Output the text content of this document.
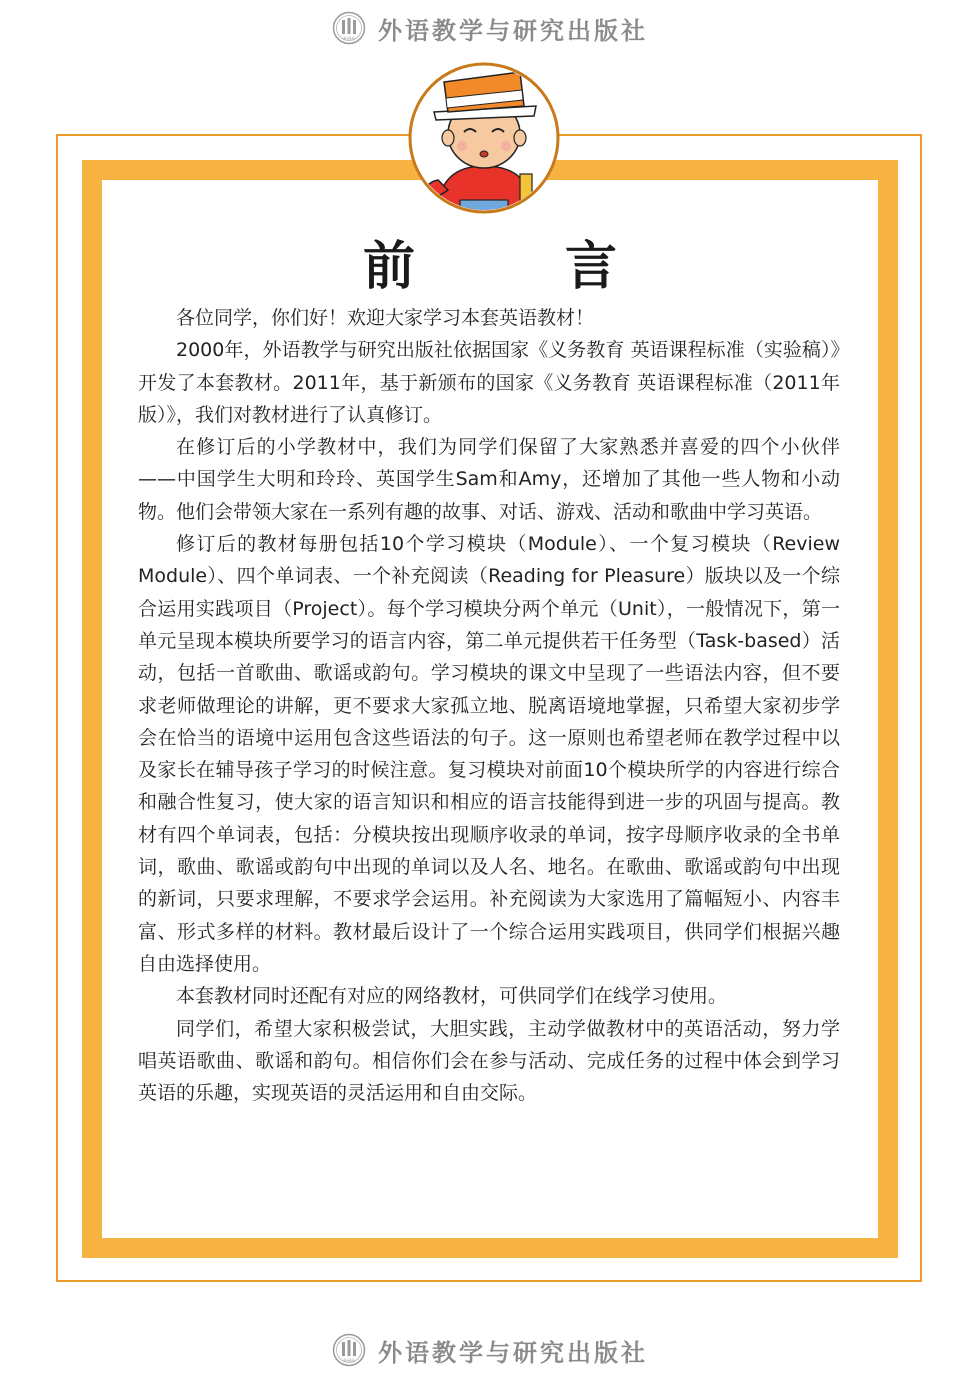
外研社 外语教学与研究出版社
前	言

各位同学，你们好！欢迎大家学习本套英语教材！

2000年，外语教学与研究出版社依据国家《义务教育 英语课程标准（实验稿）》开发了本套教材。2011年，基于新颁布的国家《义务教育 英语课程标准（2011年版）》，我们对教材进行了认真修订。

在修订后的小学教材中，我们为同学们保留了大家熟悉并喜爱的四个小伙伴——中国学生大明和玲玲、英国学生Sam和Amy，还增加了其他一些人物和小动物。他们会带领大家在一系列有趣的故事、对话、游戏、活动和歌曲中学习英语。

修订后的教材每册包括10个学习模块（Module）、一个复习模块（Review Module）、四个单词表、一个补充阅读（Reading for Pleasure）版块以及一个综合运用实践项目（Project）。每个学习模块分两个单元（Unit），一般情况下，第一单元呈现本模块所要学习的语言内容，第二单元提供若干任务型（Task-based）活动，包括一首歌曲、歌谣或韵句。学习模块的课文中呈现了一些语法内容，但不要求老师做理论的讲解，更不要求大家孤立地、脱离语境地掌握，只希望大家初步学会在恰当的语境中运用包含这些语法的句子。这一原则也希望老师在教学过程中以及家长在辅导孩子学习的时候注意。复习模块对前面10个模块所学的内容进行综合和融合性复习，使大家的语言知识和相应的语言技能得到进一步的巩固与提高。教材有四个单词表，包括：分模块按出现顺序收录的单词，按字母顺序收录的全书单词，歌曲、歌谣或韵句中出现的单词以及人名、地名。在歌曲、歌谣或韵句中出现的新词，只要求理解，不要求学会运用。补充阅读为大家选用了篇幅短小、内容丰富、形式多样的材料。教材最后设计了一个综合运用实践项目，供同学们根据兴趣自由选择使用。

本套教材同时还配有对应的网络教材，可供同学们在线学习使用。

同学们，希望大家积极尝试，大胆实践，主动学做教材中的英语活动，努力学唱英语歌曲、歌谣和韵句。相信你们会在参与活动、完成任务的过程中体会到学习英语的乐趣，实现英语的灵活运用和自由交际。

外研社 外语教学与研究出版社
